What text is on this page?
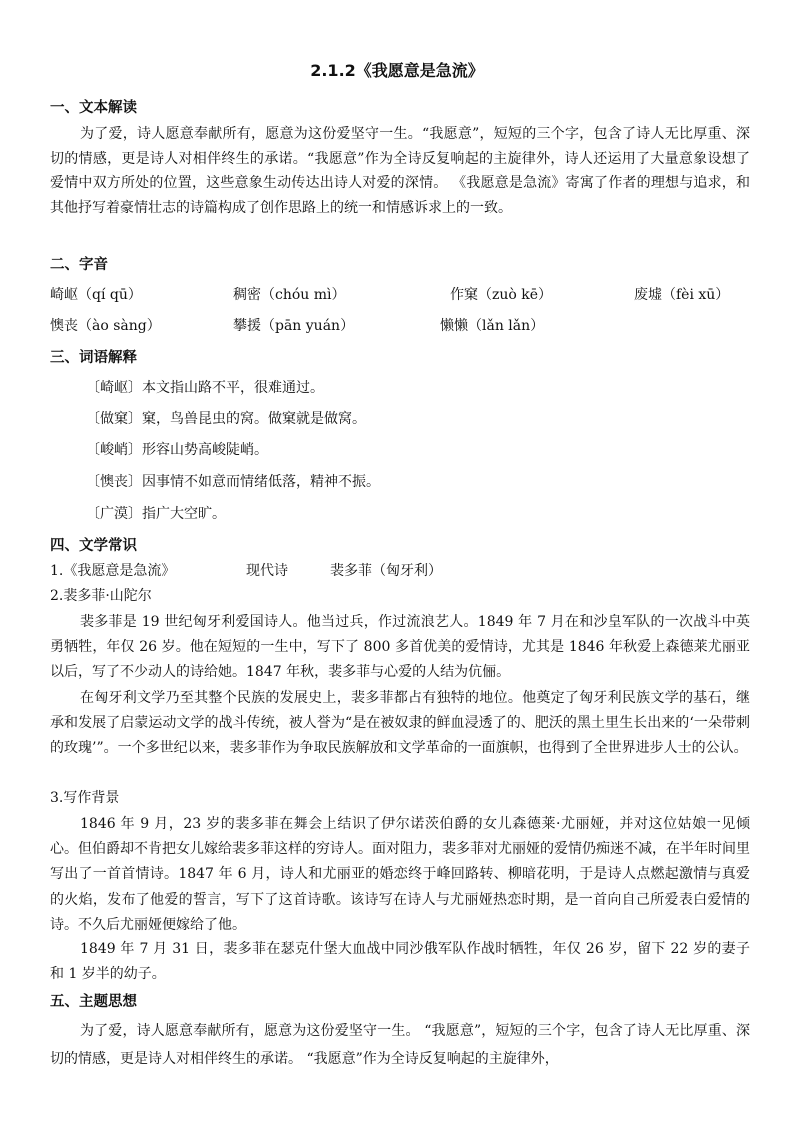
2.1.2《我愿意是急流》
一、文本解读
为了爱，诗人愿意奉献所有，愿意为这份爱坚守一生。“我愿意”，短短的三个字，包含了诗人无比厚重、深切的情感，更是诗人对相伴终生的承诺。“我愿意”作为全诗反复响起的主旋律外，诗人还运用了大量意象设想了爱情中双方所处的位置，这些意象生动传达出诗人对爱的深情。 《我愿意是急流》寄寓了作者的理想与追求，和其他抒写着豪情壮志的诗篇构成了创作思路上的统一和情感诉求上的一致。
二、字音
崎岖（qí qū）	稠密（chóu mì）	作窠（zuò kē）	废墟（fèi xū）
懊丧（ào sàng）	攀援（pān yuán）	懒懒（lǎn lǎn）
三、词语解释
〔崎岖〕本文指山路不平，很难通过。
〔做窠〕窠，鸟兽昆虫的窝。做窠就是做窝。
〔峻峭〕形容山势高峻陡峭。
〔懊丧〕因事情不如意而情绪低落，精神不振。
〔广漠〕指广大空旷。
四、文学常识
1.《我愿意是急流》	现代诗	裴多菲（匈牙利）
2.裴多菲·山陀尔
裴多菲是 19 世纪匈牙利爱国诗人。他当过兵，作过流浪艺人。1849 年 7 月在和沙皇军队的一次战斗中英勇牺牲，年仅 26 岁。他在短短的一生中，写下了 800 多首优美的爱情诗，尤其是 1846 年秋爱上森德莱尤丽亚以后，写了不少动人的诗给她。1847 年秋，裴多菲与心爱的人结为伉俪。
在匈牙利文学乃至其整个民族的发展史上，裴多菲都占有独特的地位。他奠定了匈牙利民族文学的基石，继承和发展了启蒙运动文学的战斗传统，被人誉为“是在被奴隶的鲜血浸透了的、肥沃的黑土里生长出来的‘一朵带刺的玫瑰’”。一个多世纪以来，裴多菲作为争取民族解放和文学革命的一面旗帜，也得到了全世界进步人士的公认。
3.写作背景
1846 年 9 月，23 岁的裴多菲在舞会上结识了伊尔诺茨伯爵的女儿森德莱·尤丽娅，并对这位姑娘一见倾心。但伯爵却不肯把女儿嫁给裴多菲这样的穷诗人。面对阻力，裴多菲对尤丽娅的爱情仍痴迷不减，在半年时间里写出了一首首情诗。1847 年 6 月，诗人和尤丽亚的婚恋终于峰回路转、柳暗花明，于是诗人点燃起激情与真爱的火焰，发布了他爱的誓言，写下了这首诗歌。该诗写在诗人与尤丽娅热恋时期，是一首向自己所爱表白爱情的诗。不久后尤丽娅便嫁给了他。
1849 年 7 月 31 日，裴多菲在瑟克什堡大血战中同沙俄军队作战时牺牲，年仅 26 岁，留下 22 岁的妻子和 1 岁半的幼子。
五、主题思想
为了爱，诗人愿意奉献所有，愿意为这份爱坚守一生。 “我愿意”，短短的三个字，包含了诗人无比厚重、深切的情感，更是诗人对相伴终生的承诺。 “我愿意”作为全诗反复响起的主旋律外，
